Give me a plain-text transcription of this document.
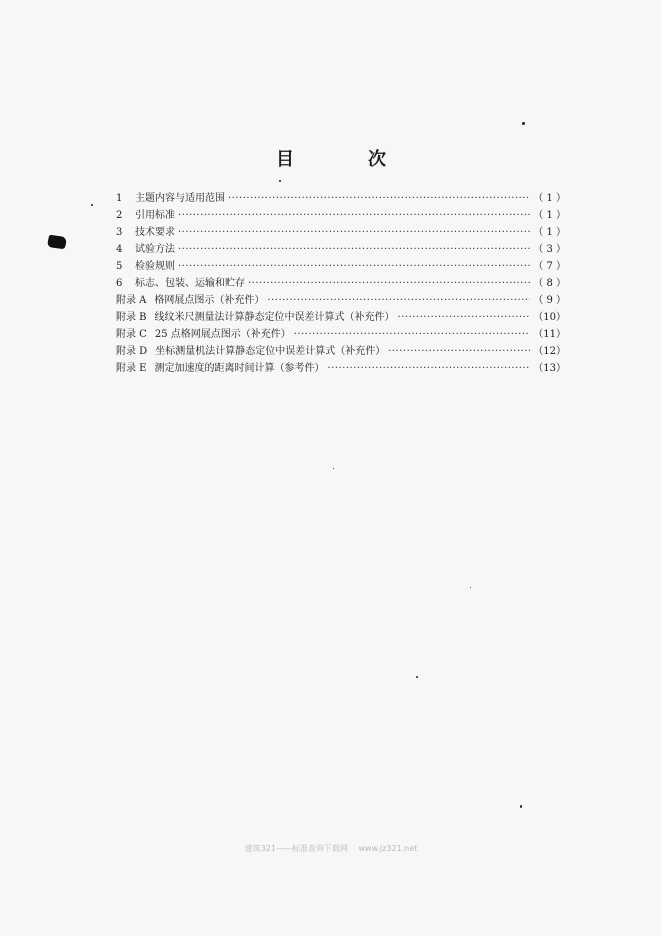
目　次
1	主题内容与适用范围 ·····	（ 1 ）
2	引用标准 ·····	（ 1 ）
3	技术要求 ·····	（ 1 ）
4	试验方法 ·····	（ 3 ）
5	检验规则 ·····	（ 7 ）
6	标志、包装、运输和贮存 ·····	（ 8 ）
附录 A 格网展点图示（补充件） ·····	（ 9 ）
附录 B 线纹米尺测量法计算静态定位中误差计算式（补充件） ·····	（10）
附录 C 25 点格网展点图示（补充件） ·····	（11）
附录 D 坐标测量机法计算静态定位中误差计算式（补充件） ·····	（12）
附录 E 测定加速度的距离时间计算（参考件） ·····	（13）
建筑321——标准查询下载网　 www.jz321.net
